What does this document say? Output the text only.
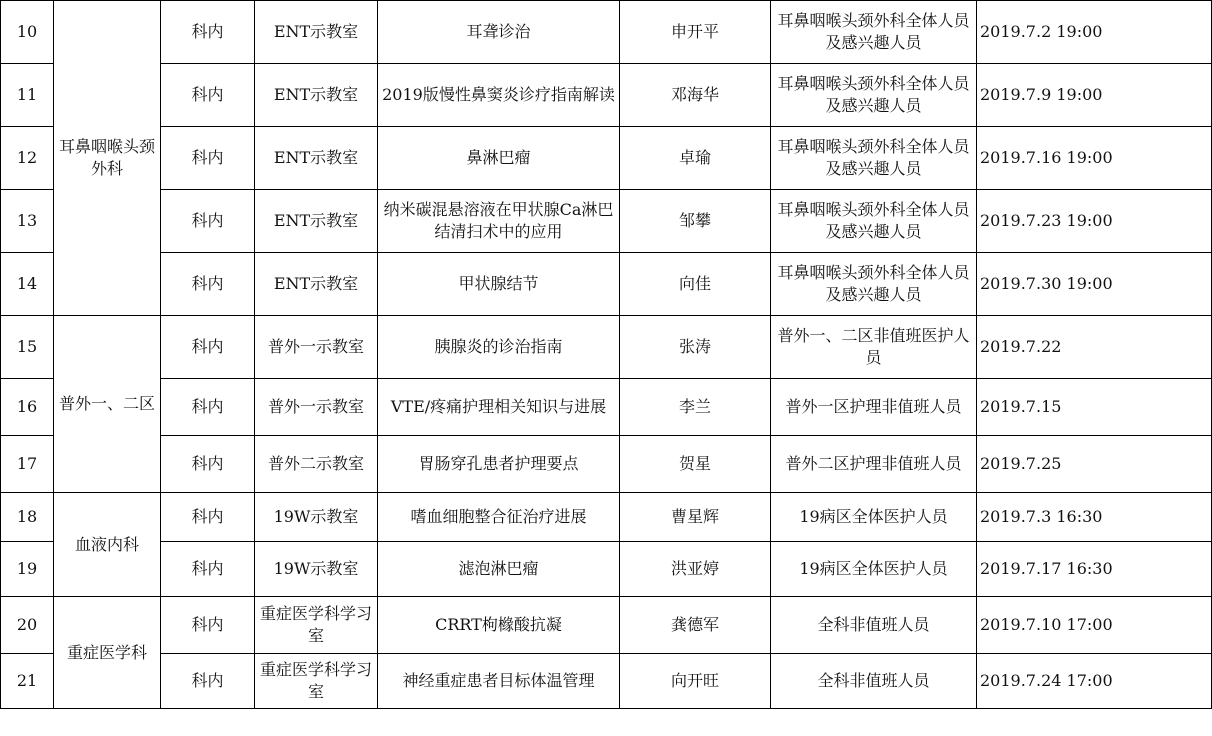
10	耳鼻咽喉头颈外科	科内	ENT示教室	耳聋诊治	申开平	耳鼻咽喉头颈外科全体人员及感兴趣人员	2019.7.2 19:00
11		科内	ENT示教室	2019版慢性鼻窦炎诊疗指南解读	邓海华	耳鼻咽喉头颈外科全体人员及感兴趣人员	2019.7.9 19:00
12		科内	ENT示教室	鼻淋巴瘤	卓瑜	耳鼻咽喉头颈外科全体人员及感兴趣人员	2019.7.16 19:00
13		科内	ENT示教室	纳米碳混悬溶液在甲状腺Ca淋巴结清扫术中的应用	邹攀	耳鼻咽喉头颈外科全体人员及感兴趣人员	2019.7.23 19:00
14		科内	ENT示教室	甲状腺结节	向佳	耳鼻咽喉头颈外科全体人员及感兴趣人员	2019.7.30 19:00
15	普外一、二区	科内	普外一示教室	胰腺炎的诊治指南	张涛	普外一、二区非值班医护人员	2019.7.22
16		科内	普外一示教室	VTE/疼痛护理相关知识与进展	李兰	普外一区护理非值班人员	2019.7.15
17		科内	普外二示教室	胃肠穿孔患者护理要点	贺星	普外二区护理非值班人员	2019.7.25
18	血液内科	科内	19W示教室	嗜血细胞整合征治疗进展	曹星辉	19病区全体医护人员	2019.7.3 16:30
19		科内	19W示教室	滤泡淋巴瘤	洪亚婷	19病区全体医护人员	2019.7.17 16:30
20	重症医学科	科内	重症医学科学习室	CRRT枸橼酸抗凝	龚德军	全科非值班人员	2019.7.10 17:00
21		科内	重症医学科学习室	神经重症患者目标体温管理	向开旺	全科非值班人员	2019.7.24 17:00
